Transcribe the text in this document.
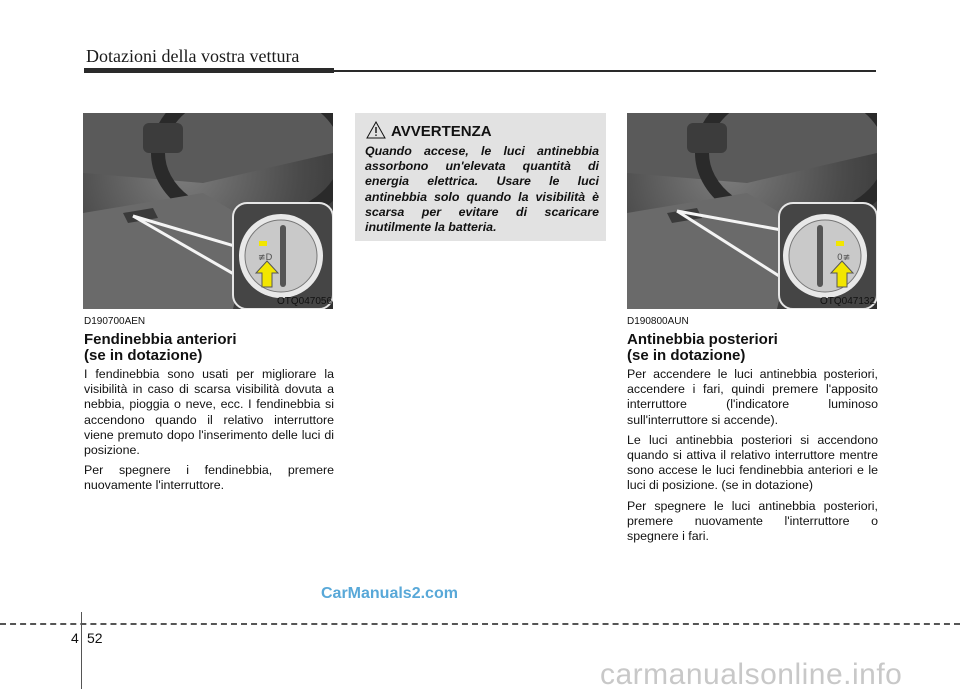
Dotazioni della vostra vettura
≢D
OTQ047056
D190700AEN
Fendinebbia anteriori
(se in dotazione)

I fendinebbia sono usati per migliorare la visibilità in caso di scarsa visibilità dovuta a nebbia, pioggia o neve, ecc. I fendinebbia si accendono quando il relativo interruttore viene premuto dopo l'inserimento delle luci di posizione.

Per spegnere i fendinebbia, premere nuovamente l'interruttore.

AVVERTENZA
Quando accese, le luci antinebbia assorbono un'elevata quantità di energia elettrica. Usare le luci antinebbia solo quando la visibilità è scarsa per evitare di scaricare inutilmente la batteria.
0≢
OTQ047132
D190800AUN
Antinebbia posteriori
(se in dotazione)

Per accendere le luci antinebbia posteriori, accendere i fari, quindi premere l'apposito interruttore (l'indicatore luminoso sull'interruttore si accende).

Le luci antinebbia posteriori si accendono quando si attiva il relativo interruttore mentre sono accese le luci fendinebbia anteriori e le luci di posizione. (se in dotazione)

Per spegnere le luci antinebbia posteriori, premere nuovamente l'interruttore o spegnere i fari.

CarManuals2.com
4 52
carmanualsonline.info
